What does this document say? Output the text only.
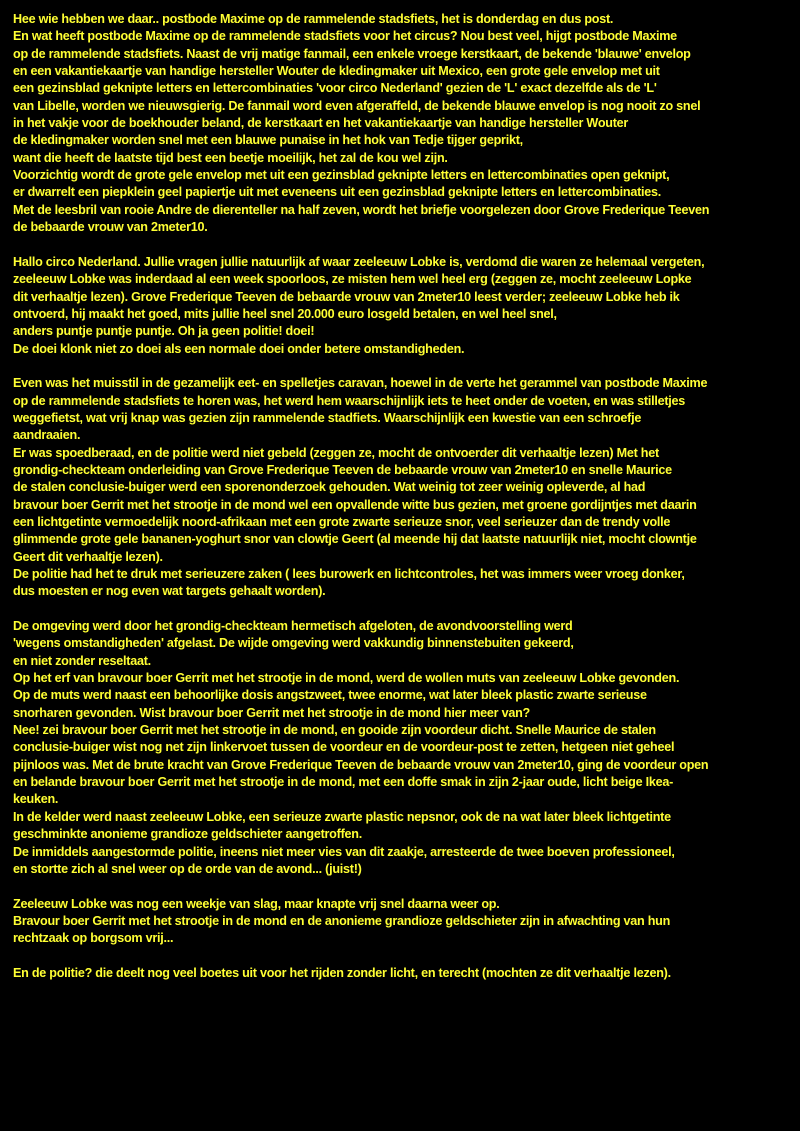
Hee wie hebben we daar.. postbode Maxime op de rammelende stadsfiets, het is donderdag en dus post.
En wat heeft postbode Maxime op de rammelende stadsfiets voor het circus? Nou best veel, hijgt postbode Maxime
op de rammelende stadsfiets. Naast de vrij matige fanmail, een enkele vroege kerstkaart, de bekende 'blauwe' envelop
en een vakantiekaartje van handige hersteller Wouter de kledingmaker uit Mexico, een grote gele envelop met uit
een gezinsblad geknipte letters en lettercombinaties 'voor circo Nederland' gezien de 'L' exact dezelfde als de 'L'
van Libelle, worden we nieuwsgierig. De fanmail word even afgeraffeld, de bekende blauwe envelop is nog nooit zo snel
in het vakje voor de boekhouder beland, de kerstkaart en het vakantiekaartje van handige hersteller Wouter
de kledingmaker worden snel met een blauwe punaise in het hok van Tedje tijger geprikt,
want die heeft de laatste tijd best een beetje moeilijk, het zal de kou wel zijn.
Voorzichtig wordt de grote gele envelop met uit een gezinsblad geknipte letters en lettercombinaties open geknipt,
er dwarrelt een piepklein geel papiertje uit met eveneens uit een gezinsblad geknipte letters en lettercombinaties.
Met de leesbril van rooie Andre de dierenteller na half zeven, wordt het briefje voorgelezen door Grove Frederique Teeven
de bebaarde vrouw van 2meter10.
Hallo circo Nederland. Jullie vragen jullie natuurlijk af waar zeeleeuw Lobke is, verdomd die waren ze helemaal vergeten,
zeeleeuw Lobke was inderdaad al een week spoorloos, ze misten hem wel heel erg (zeggen ze, mocht zeeleeuw Lopke
dit verhaaltje lezen). Grove Frederique Teeven de bebaarde vrouw van 2meter10 leest verder; zeeleeuw Lobke heb ik
ontvoerd, hij maakt het goed, mits jullie heel snel 20.000 euro losgeld betalen, en wel heel snel,
anders puntje puntje puntje. Oh ja geen politie! doei!
De doei klonk niet zo doei als een normale doei onder betere omstandigheden.
Even was het muisstil in de gezamelijk eet- en spelletjes caravan, hoewel in de verte het gerammel van postbode Maxime
op de rammelende stadsfiets te horen was, het werd hem waarschijnlijk iets te heet onder de voeten, en was stilletjes
weggefietst, wat vrij knap was gezien zijn rammelende stadfiets. Waarschijnlijk een kwestie van een schroefje
aandraaien.
Er was spoedberaad, en de politie werd niet gebeld (zeggen ze, mocht de ontvoerder dit verhaaltje lezen) Met het
grondig-checkteam onderleiding van Grove Frederique Teeven de bebaarde vrouw van 2meter10 en snelle Maurice
de stalen conclusie-buiger werd een sporenonderzoek gehouden. Wat weinig tot zeer weinig opleverde, al had
bravour boer Gerrit met het strootje in de mond wel een opvallende witte bus gezien, met groene gordijntjes met daarin
een lichtgetinte vermoedelijk noord-afrikaan met een grote zwarte serieuze snor, veel serieuzer dan de trendy volle
glimmende grote gele bananen-yoghurt snor van clowtje Geert (al meende hij dat laatste natuurlijk niet, mocht clowntje
Geert dit verhaaltje lezen).
De politie had het te druk met serieuzere zaken ( lees burowerk en lichtcontroles, het was immers weer vroeg donker,
dus moesten er nog even wat targets gehaalt worden).
De omgeving werd door het grondig-checkteam hermetisch afgeloten, de avondvoorstelling werd
'wegens omstandigheden' afgelast. De wijde omgeving werd vakkundig binnenstebuiten gekeerd,
en niet zonder reseltaat.
Op het erf van bravour boer Gerrit met het strootje in de mond, werd de wollen muts van zeeleeuw Lobke gevonden.
Op de muts werd naast een behoorlijke dosis angstzweet, twee enorme, wat later bleek plastic zwarte serieuse
snorharen gevonden. Wist bravour boer Gerrit met het strootje in de mond hier meer van?
Nee! zei bravour boer Gerrit met het strootje in de mond, en gooide zijn voordeur dicht. Snelle Maurice de stalen
conclusie-buiger wist nog net zijn linkervoet tussen de voordeur en de voordeur-post te zetten, hetgeen niet geheel
pijnloos was. Met de brute kracht van Grove Frederique Teeven de bebaarde vrouw van 2meter10, ging de voordeur open
en belande bravour boer Gerrit met het strootje in de mond, met een doffe smak in zijn 2-jaar oude, licht beige Ikea-
keuken.
In de kelder werd naast zeeleeuw Lobke, een serieuze zwarte plastic nepsnor, ook de na wat later bleek lichtgetinte
geschminkte anonieme grandioze geldschieter aangetroffen.
De inmiddels aangestormde politie, ineens niet meer vies van dit zaakje, arresteerde de twee boeven professioneel,
en stortte zich al snel weer op de orde van de avond... (juist!)
Zeeleeuw Lobke was nog een weekje van slag, maar knapte vrij snel daarna weer op.
Bravour boer Gerrit met het strootje in de mond en de anonieme grandioze geldschieter zijn in afwachting van hun
rechtzaak op borgsom vrij...
En de politie? die deelt nog veel boetes uit voor het rijden zonder licht, en terecht (mochten ze dit verhaaltje lezen).
